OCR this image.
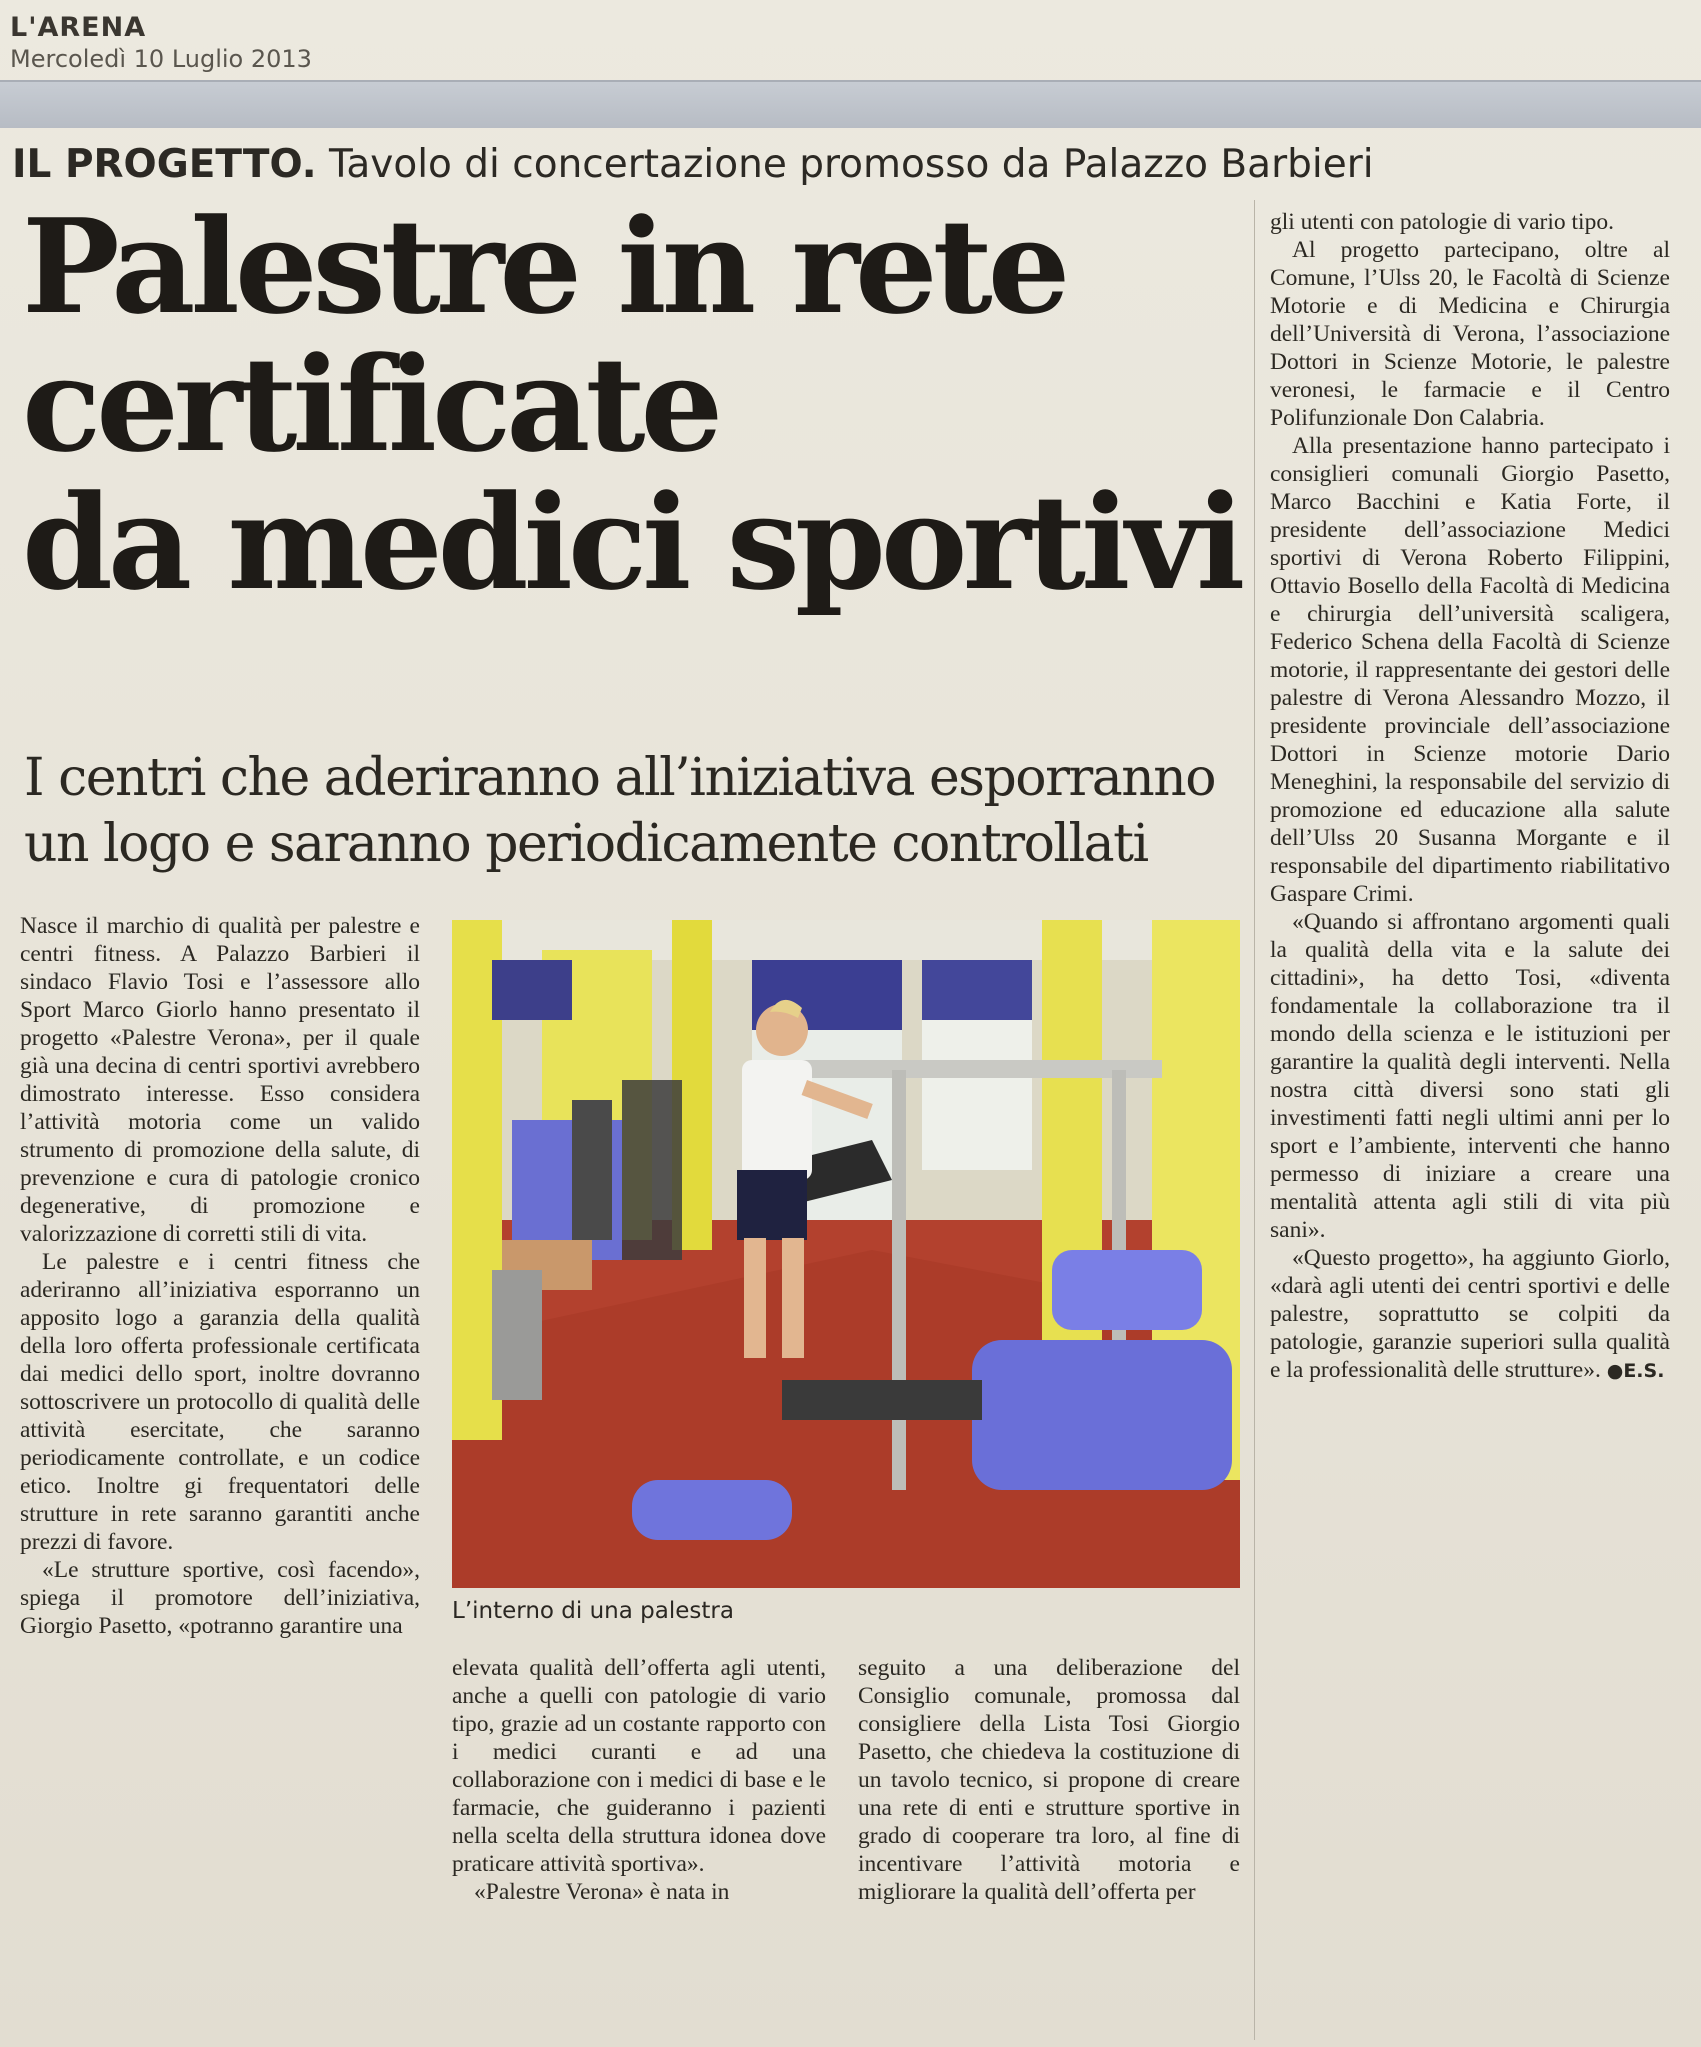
L'ARENA
Mercoledì 10 Luglio 2013
IL PROGETTO. Tavolo di concertazione promosso da Palazzo Barbieri
Palestre in rete
certificate
da medici sportivi
I centri che aderiranno all’iniziativa esporranno
un logo e saranno periodicamente controllati

Nasce il marchio di qualità per palestre e centri fitness. A Palazzo Barbieri il sindaco Flavio Tosi e l’assessore allo Sport Marco Giorlo hanno presentato il progetto «Palestre Verona», per il quale già una decina di centri sportivi avrebbero dimostrato interesse. Esso considera l’attività motoria come un valido strumento di promozione della salute, di prevenzione e cura di patologie cronico degenerative, di promozione e valorizzazione di corretti stili di vita.

Le palestre e i centri fitness che aderiranno all’iniziativa esporranno un apposito logo a garanzia della qualità della loro offerta professionale certificata dai medici dello sport, inoltre dovranno sottoscrivere un protocollo di qualità delle attività esercitate, che saranno periodicamente controllate, e un codice etico. Inoltre gi frequentatori delle strutture in rete saranno garantiti anche prezzi di favore.

«Le strutture sportive, così facendo», spiega il promotore dell’iniziativa, Giorgio Pasetto, «potranno garantire una

L’interno di una palestra

elevata qualità dell’offerta agli utenti, anche a quelli con patologie di vario tipo, grazie ad un costante rapporto con i medici curanti e ad una collaborazione con i medici di base e le farmacie, che guideranno i pazienti nella scelta della struttura idonea dove praticare attività sportiva».

«Palestre Verona» è nata in

seguito a una deliberazione del Consiglio comunale, promossa dal consigliere della Lista Tosi Giorgio Pasetto, che chiedeva la costituzione di un tavolo tecnico, si propone di creare una rete di enti e strutture sportive in grado di cooperare tra loro, al fine di incentivare l’attività motoria e migliorare la qualità dell’offerta per

gli utenti con patologie di vario tipo.

Al progetto partecipano, oltre al Comune, l’Ulss 20, le Facoltà di Scienze Motorie e di Medicina e Chirurgia dell’Università di Verona, l’associazione Dottori in Scienze Motorie, le palestre veronesi, le farmacie e il Centro Polifunzionale Don Calabria.

Alla presentazione hanno partecipato i consiglieri comunali Giorgio Pasetto, Marco Bacchini e Katia Forte, il presidente dell’associazione Medici sportivi di Verona Roberto Filippini, Ottavio Bosello della Facoltà di Medicina e chirurgia dell’università scaligera, Federico Schena della Facoltà di Scienze motorie, il rappresentante dei gestori delle palestre di Verona Alessandro Mozzo, il presidente provinciale dell’associazione Dottori in Scienze motorie Dario Meneghini, la responsabile del servizio di promozione ed educazione alla salute dell’Ulss 20 Susanna Morgante e il responsabile del dipartimento riabilitativo Gaspare Crimi.

«Quando si affrontano argomenti quali la qualità della vita e la salute dei cittadini», ha detto Tosi, «diventa fondamentale la collaborazione tra il mondo della scienza e le istituzioni per garantire la qualità degli interventi. Nella nostra città diversi sono stati gli investimenti fatti negli ultimi anni per lo sport e l’ambiente, interventi che hanno permesso di iniziare a creare una mentalità attenta agli stili di vita più sani».

«Questo progetto», ha aggiunto Giorlo, «darà agli utenti dei centri sportivi e delle palestre, soprattutto se colpiti da patologie, garanzie superiori sulla qualità e la professionalità delle strutture». ●E.S.
